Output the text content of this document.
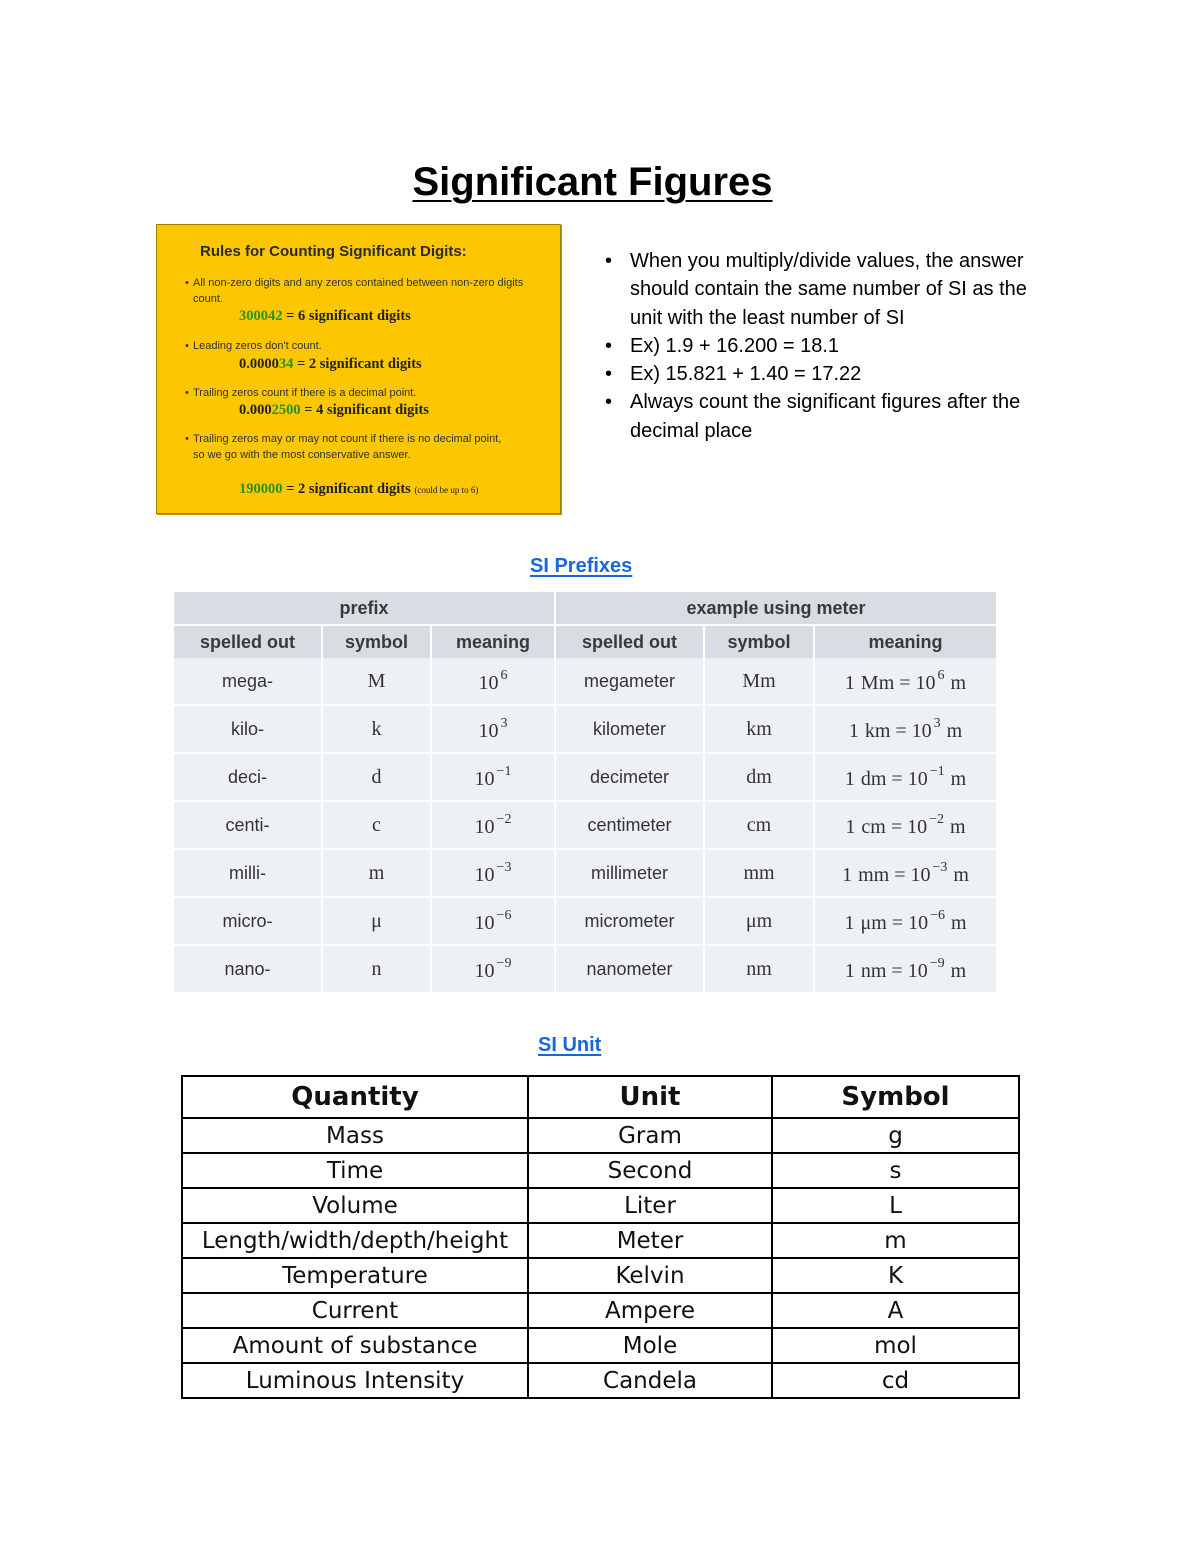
Significant Figures
Rules for Counting Significant Digits:
• All non-zero digits and any zeros contained between non-zero digits count.
300042 = 6 significant digits
• Leading zeros don't count.
0.000034 = 2 significant digits
• Trailing zeros count if there is a decimal point.
0.0002500 = 4 significant digits
• Trailing zeros may or may not count if there is no decimal point, so we go with the most conservative answer.
190000 = 2 significant digits (could be up to 6)
• When you multiply/divide values, the answer should contain the same number of SI as the unit with the least number of SI
• Ex) 1.9 + 16.200 = 18.1
• Ex) 15.821 + 1.40 = 17.22
• Always count the significant figures after the decimal place
SI Prefixes
prefix			example using meter		
spelled out	symbol	meaning	spelled out	symbol	meaning
mega-	M	10 $^6$	megameter	Mm	1 Mm = 10 $^6$ m
kilo-	k	10 $^3$	kilometer	km	1 km = 10 $^3$ m
deci-	d	10 $^{-1}$	decimeter	dm	1 dm = 10 $^{-1}$ m
centi-	c	10 $^{-2}$	centimeter	cm	1 cm = 10 $^{-2}$ m
milli-	m	10 $^{-3}$	millimeter	mm	1 mm = 10 $^{-3}$ m
micro-	μ	10 $^{-6}$	micrometer	μm	1 μm = 10 $^{-6}$ m
nano-	n	10 $^{-9}$	nanometer	nm	1 nm = 10 $^{-9}$ m
SI Unit
Quantity	Unit	Symbol
Mass	Gram	g
Time	Second	s
Volume	Liter	L
Length/width/depth/height	Meter	m
Temperature	Kelvin	K
Current	Ampere	A
Amount of substance	Mole	mol
Luminous Intensity	Candela	cd
